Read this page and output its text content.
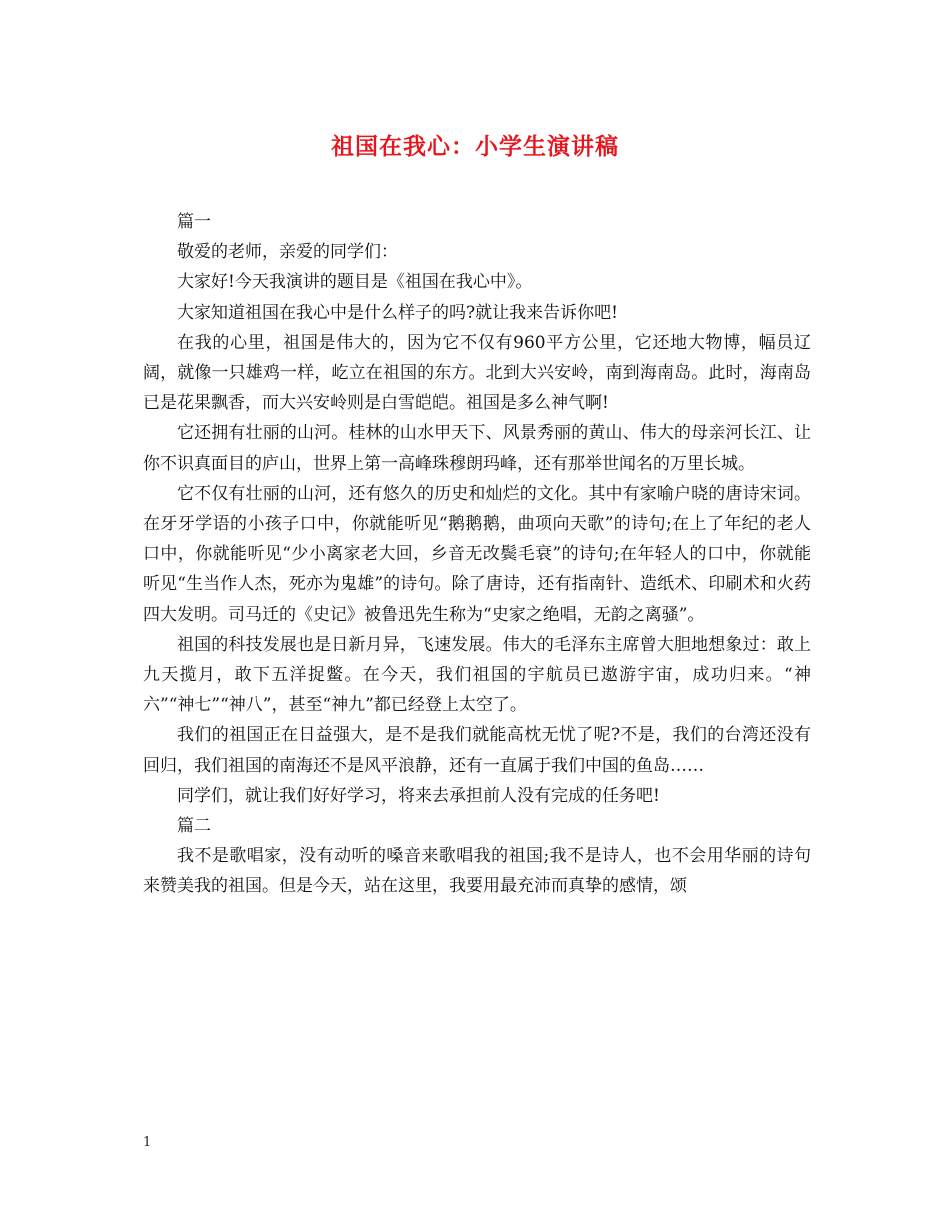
祖国在我心：小学生演讲稿

篇一

敬爱的老师，亲爱的同学们：

大家好!今天我演讲的题目是《祖国在我心中》。

大家知道祖国在我心中是什么样子的吗?就让我来告诉你吧!

在我的心里，祖国是伟大的，因为它不仅有960平方公里，它还地大物博，幅员辽阔，就像一只雄鸡一样，屹立在祖国的东方。北到大兴安岭，南到海南岛。此时，海南岛已是花果飘香，而大兴安岭则是白雪皑皑。祖国是多么神气啊!

它还拥有壮丽的山河。桂林的山水甲天下、风景秀丽的黄山、伟大的母亲河长江、让你不识真面目的庐山，世界上第一高峰珠穆朗玛峰，还有那举世闻名的万里长城。

它不仅有壮丽的山河，还有悠久的历史和灿烂的文化。其中有家喻户晓的唐诗宋词。在牙牙学语的小孩子口中，你就能听见“鹅鹅鹅，曲项向天歌”的诗句;在上了年纪的老人口中，你就能听见“少小离家老大回，乡音无改鬓毛衰”的诗句;在年轻人的口中，你就能听见“生当作人杰，死亦为鬼雄”的诗句。除了唐诗，还有指南针、造纸术、印刷术和火药四大发明。司马迁的《史记》被鲁迅先生称为“史家之绝唱，无韵之离骚”。

祖国的科技发展也是日新月异，飞速发展。伟大的毛泽东主席曾大胆地想象过：敢上九天揽月，敢下五洋捉鳖。在今天，我们祖国的宇航员已遨游宇宙，成功归来。“神六”“神七”“神八”，甚至“神九”都已经登上太空了。

我们的祖国正在日益强大，是不是我们就能高枕无忧了呢?不是，我们的台湾还没有回归，我们祖国的南海还不是风平浪静，还有一直属于我们中国的鱼岛……

同学们，就让我们好好学习，将来去承担前人没有完成的任务吧!

篇二

我不是歌唱家，没有动听的嗓音来歌唱我的祖国;我不是诗人，也不会用华丽的诗句来赞美我的祖国。但是今天，站在这里，我要用最充沛而真挚的感情，颂

1
